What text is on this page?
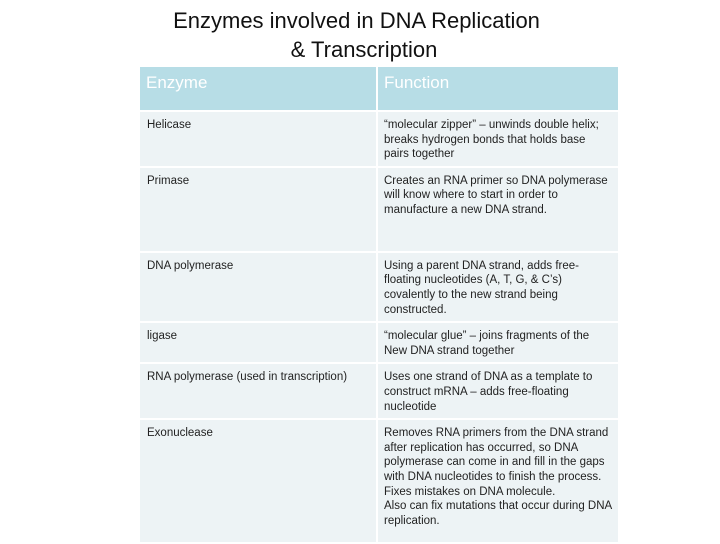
Enzymes involved in DNA Replication
& Transcription
Enzyme	Function
Helicase	“molecular zipper” – unwinds double helix; breaks hydrogen bonds that holds base pairs together
Primase	Creates an RNA primer so DNA polymerase will know where to start in order to manufacture a new DNA strand.
DNA polymerase	Using a parent DNA strand, adds free-floating nucleotides (A, T, G, & C’s) covalently to the new strand being constructed.
ligase	“molecular glue” – joins fragments of the New DNA strand together
RNA polymerase (used in transcription)	Uses one strand of DNA as a template to construct mRNA – adds free-floating nucleotide
Exonuclease	Removes RNA primers from the DNA strand after replication has occurred, so DNA polymerase can come in and fill in the gaps with DNA nucleotides to finish the process. Fixes mistakes on DNA molecule.
Also can fix mutations that occur during DNA replication.
